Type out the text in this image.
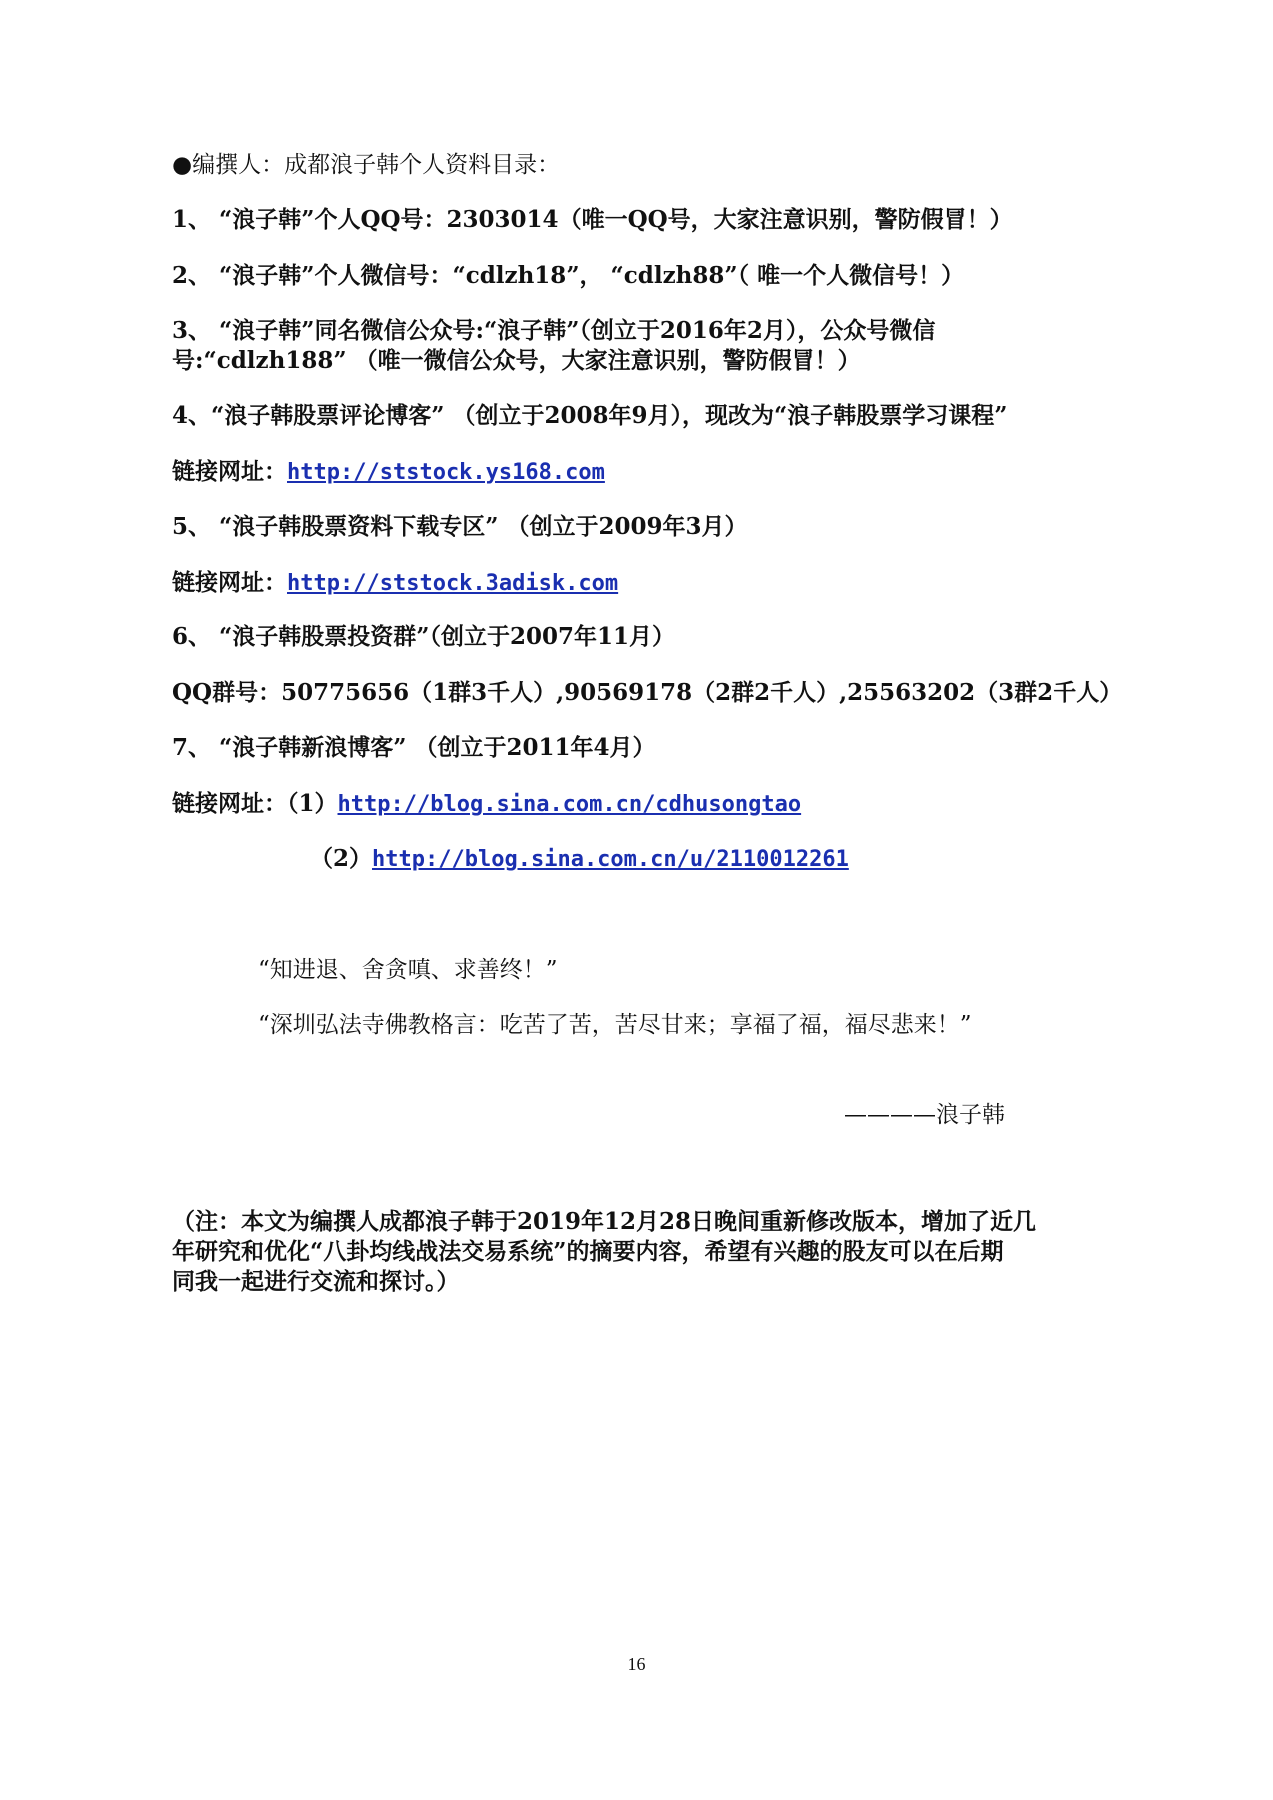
●编撰人：成都浪子韩个人资料目录：
1、 “浪子韩”个人QQ号：2303014（唯一QQ号，大家注意识别，警防假冒！）
2、 “浪子韩”个人微信号：“cdlzh18”， “cdlzh88”（ 唯一个人微信号！）
3、 “浪子韩”同名微信公众号:“浪子韩”（创立于2016年2月），公众号微信
号:“cdlzh188” （唯一微信公众号，大家注意识别，警防假冒！）
4、“浪子韩股票评论博客” （创立于2008年9月），现改为“浪子韩股票学习课程”
链接网址：http://ststock.ys168.com
5、 “浪子韩股票资料下载专区” （创立于2009年3月）
链接网址：http://ststock.3adisk.com
6、 “浪子韩股票投资群”（创立于2007年11月）
QQ群号：50775656（1群3千人）,90569178（2群2千人）,25563202（3群2千人）
7、 “浪子韩新浪博客” （创立于2011年4月）
链接网址：（1）http://blog.sina.com.cn/cdhusongtao
（2）http://blog.sina.com.cn/u/2110012261
“知进退、舍贪嗔、求善终！”
“深圳弘法寺佛教格言：吃苦了苦，苦尽甘来；享福了福，福尽悲来！”
————浪子韩
（注：本文为编撰人成都浪子韩于2019年12月28日晚间重新修改版本，增加了近几
年研究和优化“八卦均线战法交易系统”的摘要内容，希望有兴趣的股友可以在后期
同我一起进行交流和探讨。）
16
